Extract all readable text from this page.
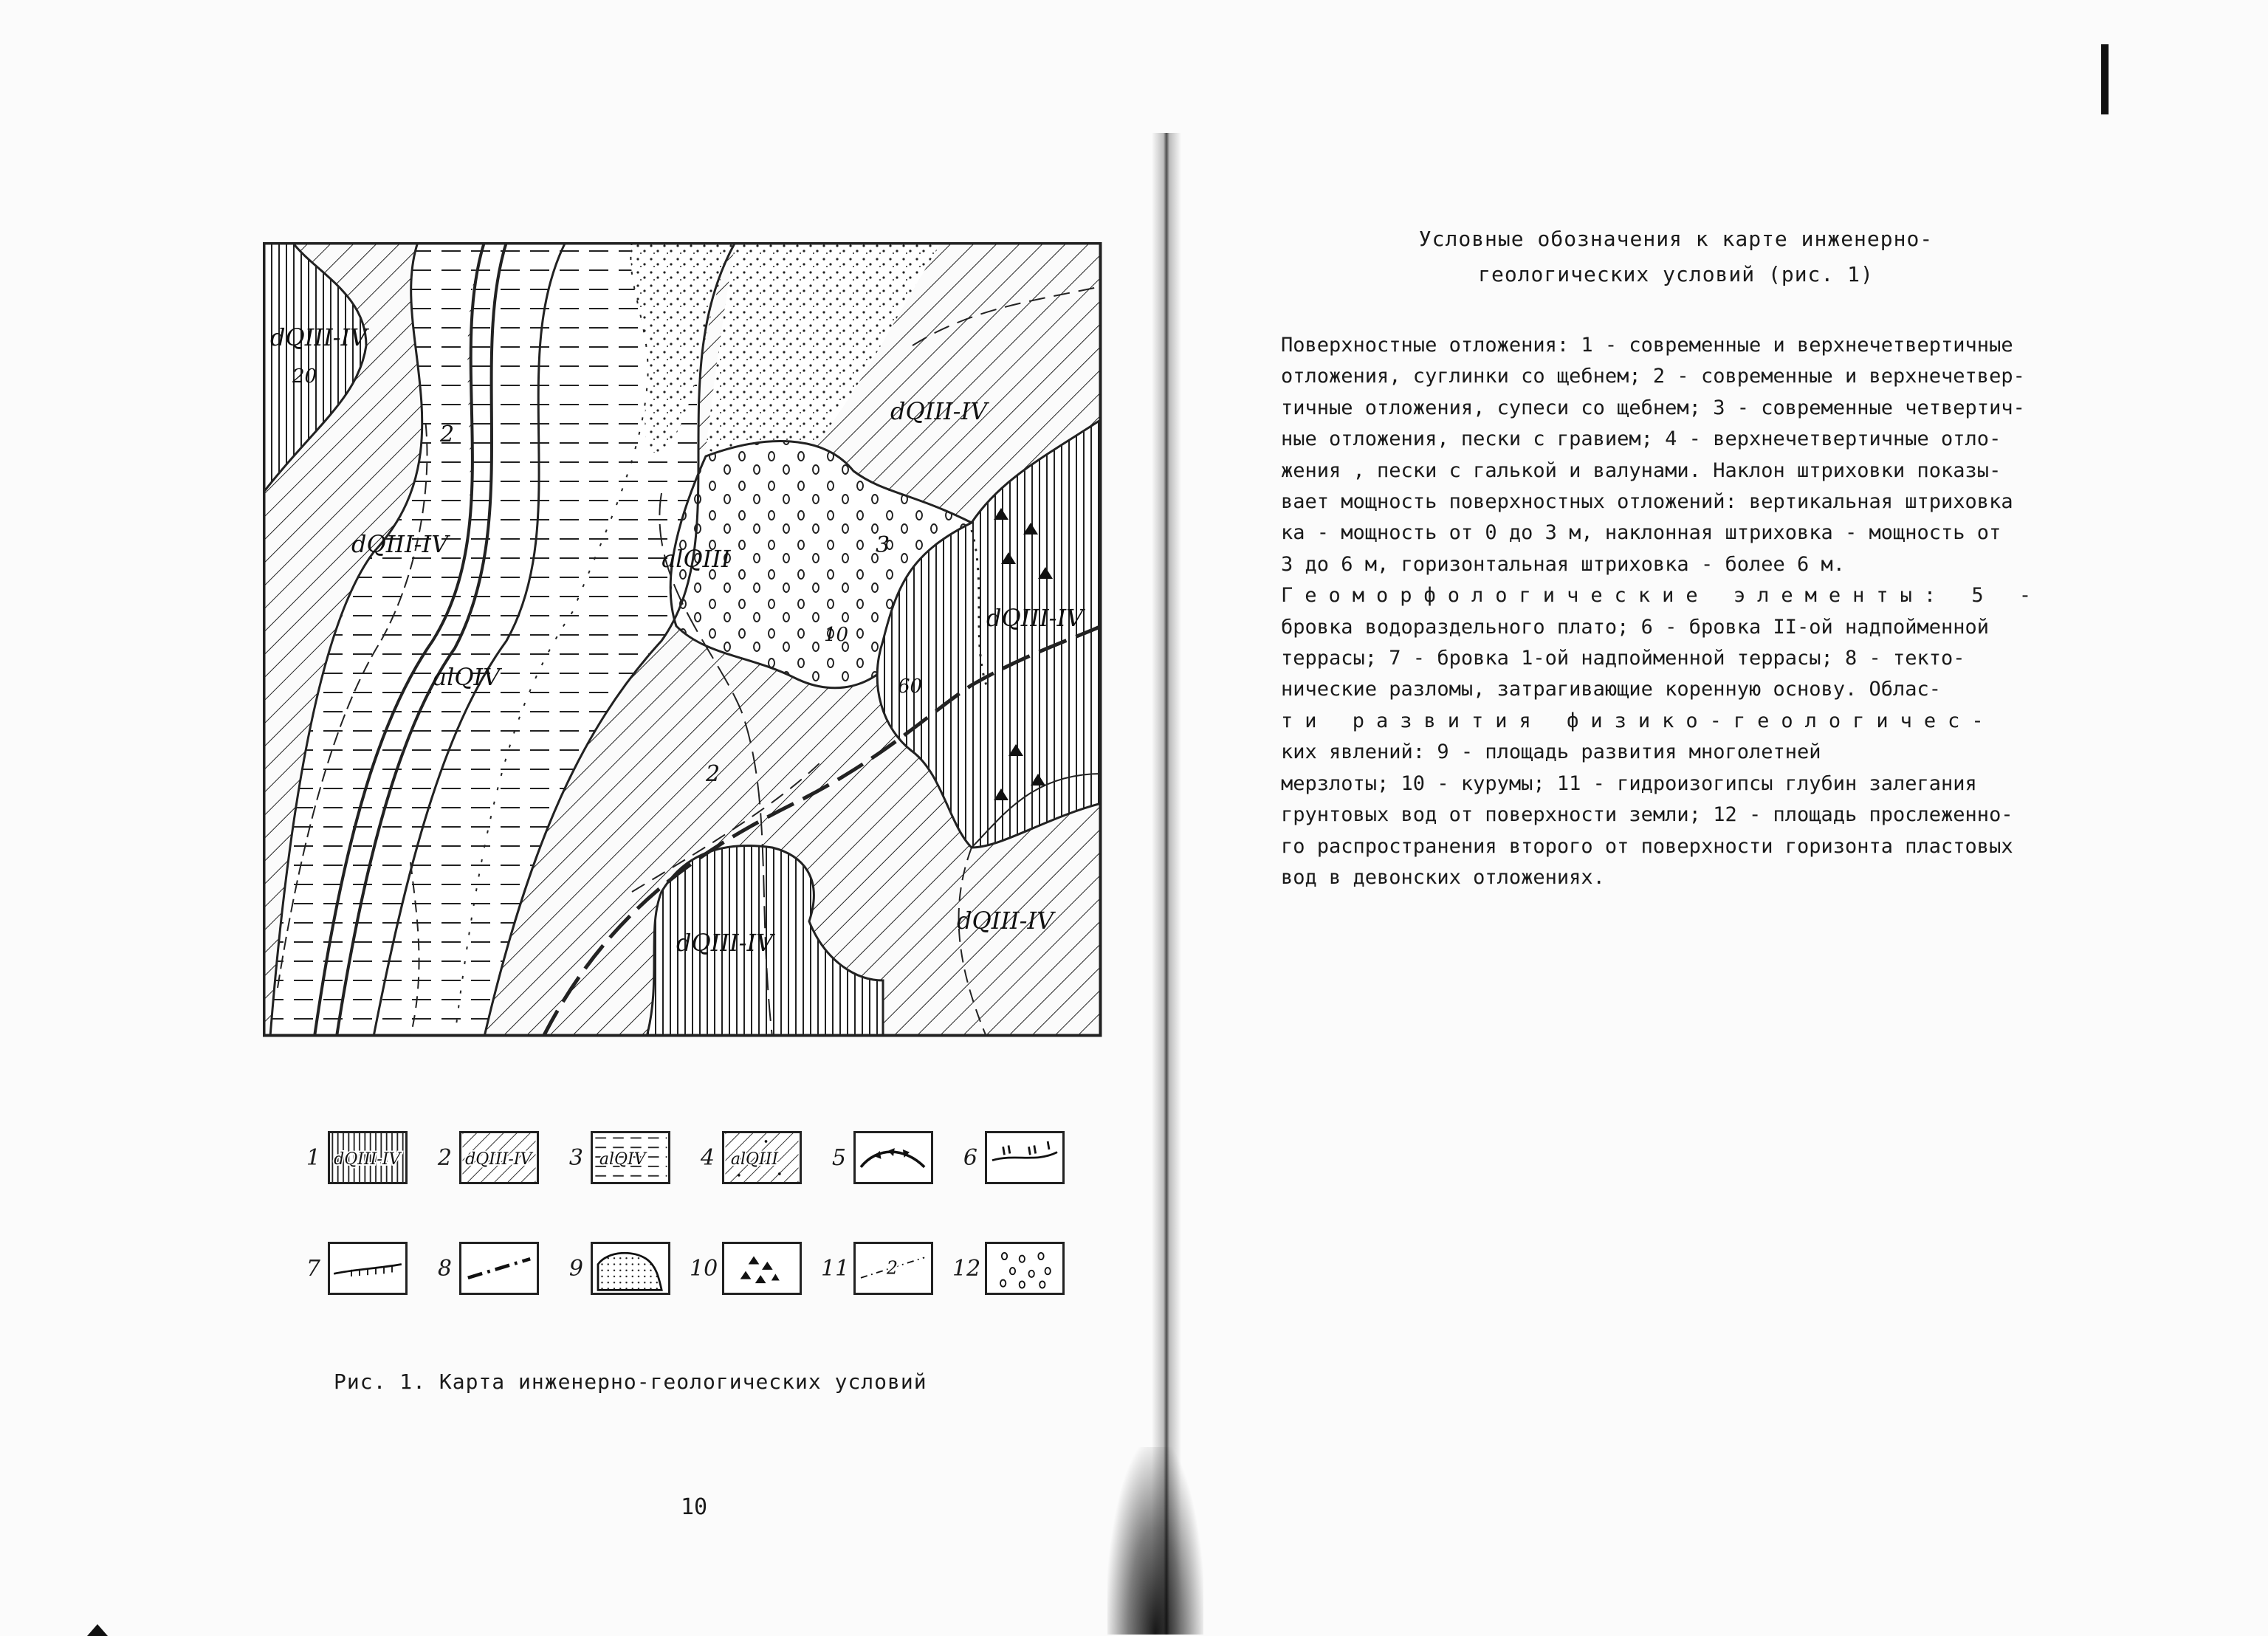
dQIII-IV
20
dQIII-IV
alQIV
alQIII
dQIII-IV
dQIII-IV
60
dQIII-IV
dQIII-IV
2
2
3
10
1 dQIII-IV	2 dQIII-IV	3 alQIV	4 alQIII	5	6
7	8	9	10	11 2 12
Рис. 1. Карта инженерно-геологических условий
10
Условные обозначения к карте инженерно-
геологических условий (рис. 1)

Поверхностные отложения: 1 - современные и верхнечетвертичные

отложения, суглинки со щебнем; 2 - современные и верхнечетвер-

тичные отложения, супеси со щебнем; 3 - современные четвертич-

ные отложения, пески с гравием; 4 - верхнечетвертичные отло-

жения , пески с галькой и валунами. Наклон штриховки показы-

вает мощность поверхностных отложений: вертикальная штриховка

ка - мощность от 0 до 3 м, наклонная штриховка - мощность от

3 до 6 м, горизонтальная штриховка - более 6 м.

Геоморфологические элементы: 5 -

бровка водораздельного плато; 6 - бровка II-ой надпойменной

террасы; 7 - бровка 1-ой надпойменной террасы; 8 - текто-

нические разломы, затрагивающие коренную основу. Облас-

ти развития физико-геологичес-

ких явлений: 9 - площадь развития многолетней

мерзлоты; 10 - курумы; 11 - гидроизогипсы глубин залегания

грунтовых вод от поверхности земли; 12 - площадь прослеженно-

го распространения второго от поверхности горизонта пластовых

вод в девонских отложениях.
